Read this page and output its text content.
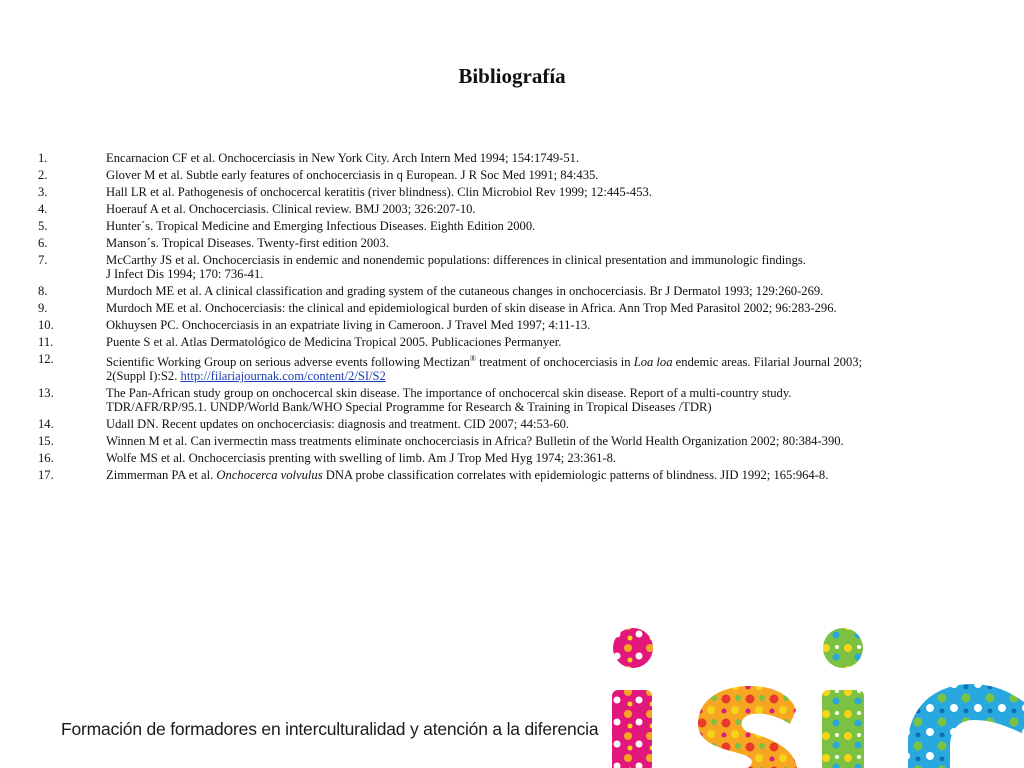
Bibliografía
1.	Encarnacion CF et al. Onchocerciasis in New York City. Arch Intern Med 1994; 154:1749-51.
2.	Glover M et al. Subtle early features of onchocerciasis in q European. J R Soc Med 1991; 84:435.
3.	Hall LR et al. Pathogenesis of onchocercal keratitis (river blindness). Clin Microbiol Rev 1999; 12:445-453.
4.	Hoerauf A et al. Onchocerciasis. Clinical review. BMJ 2003; 326:207-10.
5.	Hunter´s. Tropical Medicine and Emerging Infectious Diseases. Eighth Edition 2000.
6.	Manson´s. Tropical Diseases. Twenty-first edition 2003.
7.	McCarthy JS et al. Onchocerciasis in endemic and nonendemic populations: differences in clinical presentation and immunologic findings.
J Infect Dis 1994; 170: 736-41.
8.	Murdoch ME et al. A clinical classification and grading system of the cutaneous changes in onchocerciasis. Br J Dermatol 1993; 129:260-269.
9.	Murdoch ME et al. Onchocerciasis: the clinical and epidemiological burden of skin disease in Africa. Ann Trop Med Parasitol 2002; 96:283-296.
10.	Okhuysen PC. Onchocerciasis in an expatriate living in Cameroon. J Travel Med 1997; 4:11-13.
11.	Puente S et al. Atlas Dermatológico de Medicina Tropical 2005. Publicaciones Permanyer.
12.	Scientific Working Group on serious adverse events following Mectizan® treatment of onchocerciasis in Loa loa endemic areas. Filarial Journal 2003;
2(Suppl I):S2. http://filariajournak.com/content/2/SI/S2
13.	The Pan-African study group on onchocercal skin disease. The importance of onchocercal skin disease. Report of a multi-country study.
TDR/AFR/RP/95.1. UNDP/World Bank/WHO Special Programme for Research & Training in Tropical Diseases /TDR)
14.	Udall DN. Recent updates on onchocerciasis: diagnosis and treatment. CID 2007; 44:53-60.
15.	Winnen M et al. Can ivermectin mass treatments eliminate onchocerciasis in Africa? Bulletin of the World Health Organization 2002; 80:384-390.
16.	Wolfe MS et al. Onchocerciasis prenting with swelling of limb. Am J Trop Med Hyg 1974; 23:361-8.
17.	Zimmerman PA et al. Onchocerca volvulus DNA probe classification correlates with epidemiologic patterns of blindness. JID 1992; 165:964-8.
Formación de formadores en interculturalidad y atención a la diferencia
